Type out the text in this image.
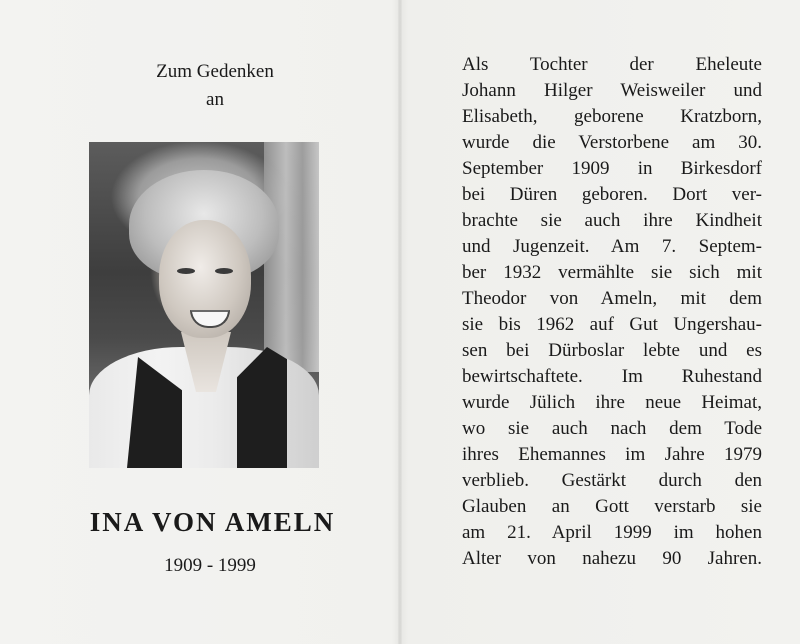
Zum Gedenken
an
INA VON AMELN
1909 - 1999
Als Tochter der Eheleute
Johann Hilger Weisweiler und
Elisabeth, geborene Kratzborn,
wurde die Verstorbene am 30.
September 1909 in Birkesdorf
bei Düren geboren. Dort ver-
brachte sie auch ihre Kindheit
und Jugenzeit. Am 7. Septem-
ber 1932 vermählte sie sich mit
Theodor von Ameln, mit dem
sie bis 1962 auf Gut Ungershau-
sen bei Dürboslar lebte und es
bewirtschaftete. Im Ruhestand
wurde Jülich ihre neue Heimat,
wo sie auch nach dem Tode
ihres Ehemannes im Jahre 1979
verblieb. Gestärkt durch den
Glauben an Gott verstarb sie
am 21. April 1999 im hohen
Alter von nahezu 90 Jahren.
